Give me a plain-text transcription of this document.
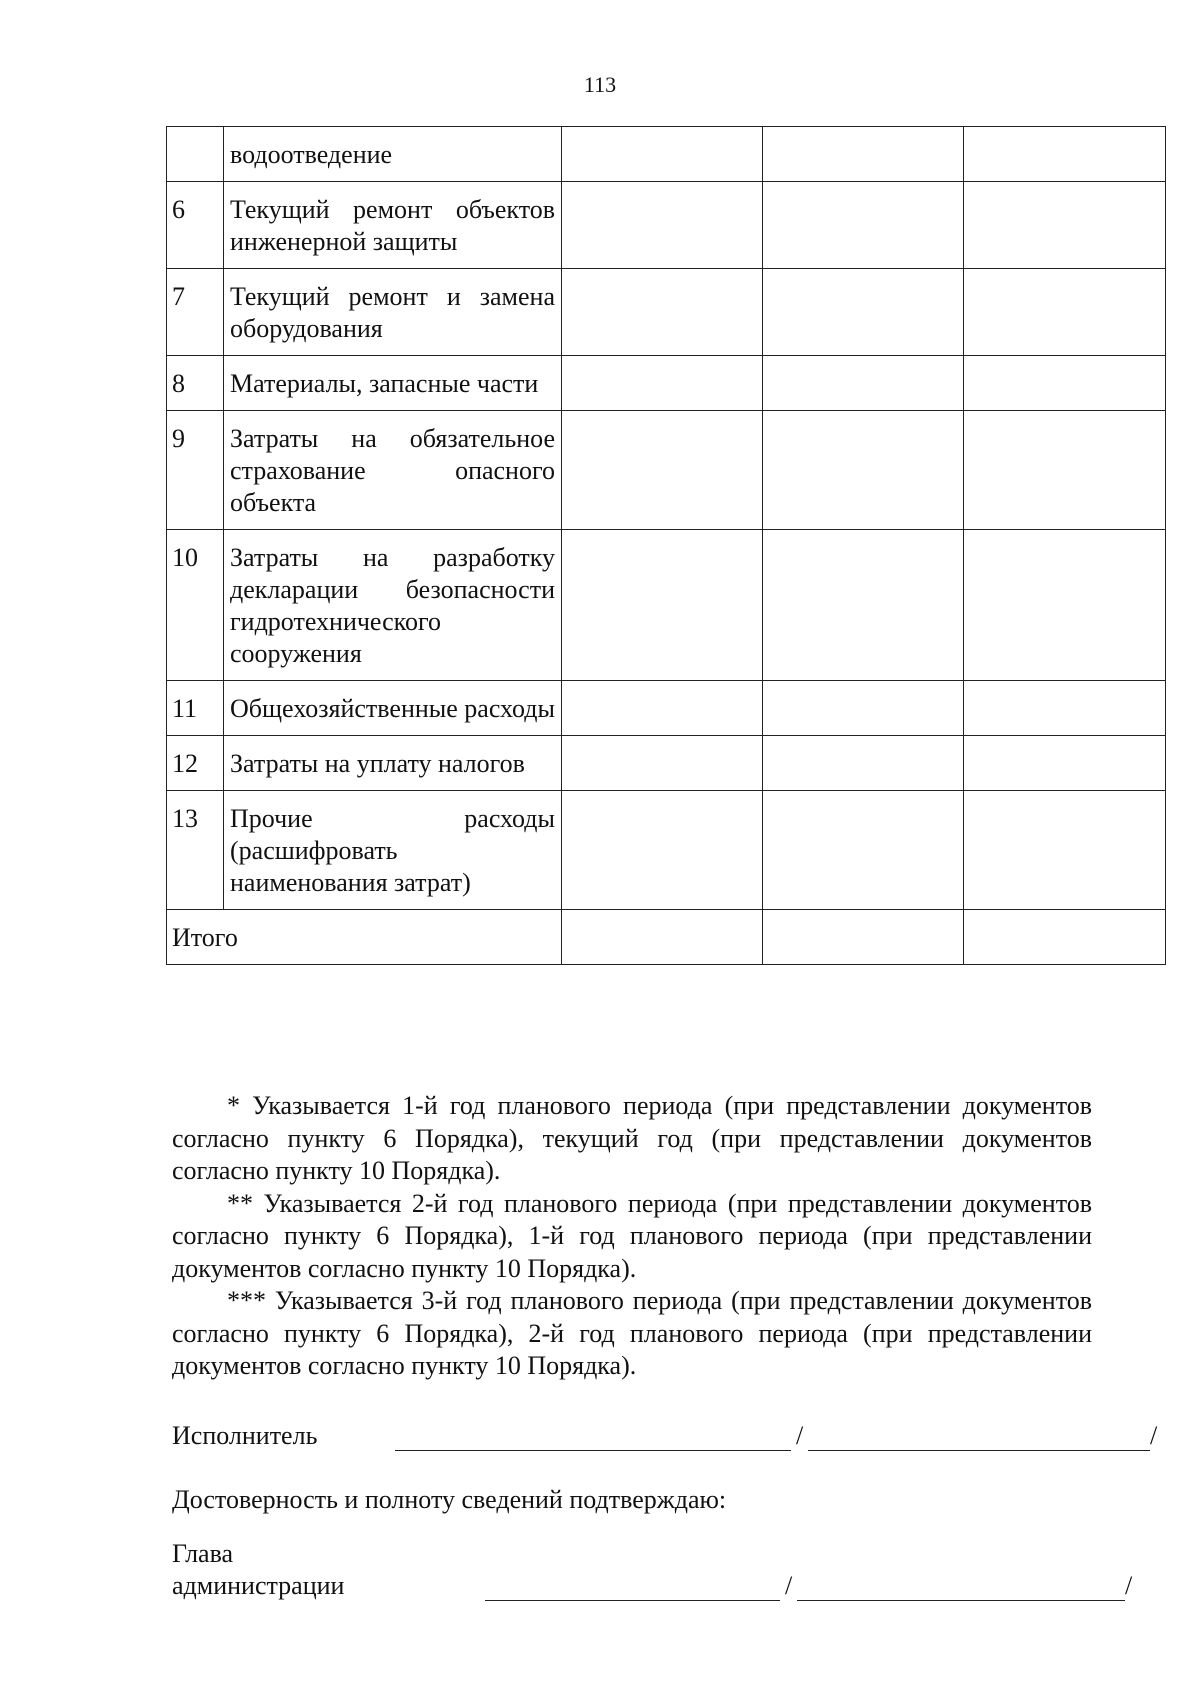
113
	водоотведение			
6	Текущий ремонт объектов инженерной защиты			
7	Текущий ремонт и замена оборудования			
8	Материалы, запасные части			
9	Затраты на обязательное страхование опасного объекта			
10	Затраты на разработку декларации безопасности гидротехнического сооружения			
11	Общехозяйственные расходы			
12	Затраты на уплату налогов			
13	Прочие расходы (расшифровать наименования затрат)			
Итого				

* Указывается 1-й год планового периода (при представлении документов согласно пункту 6 Порядка), текущий год (при представлении документов согласно пункту 10 Порядка).

** Указывается 2-й год планового периода (при представлении документов согласно пункту 6 Порядка), 1-й год планового периода (при представлении документов согласно пункту 10 Порядка).

*** Указывается 3-й год планового периода (при представлении документов согласно пункту 6 Порядка), 2-й год планового периода (при представлении документов согласно пункту 10 Порядка).

Исполнитель	/	/
Достоверность и полноту сведений подтверждаю:
Глава
администрации	/	/
